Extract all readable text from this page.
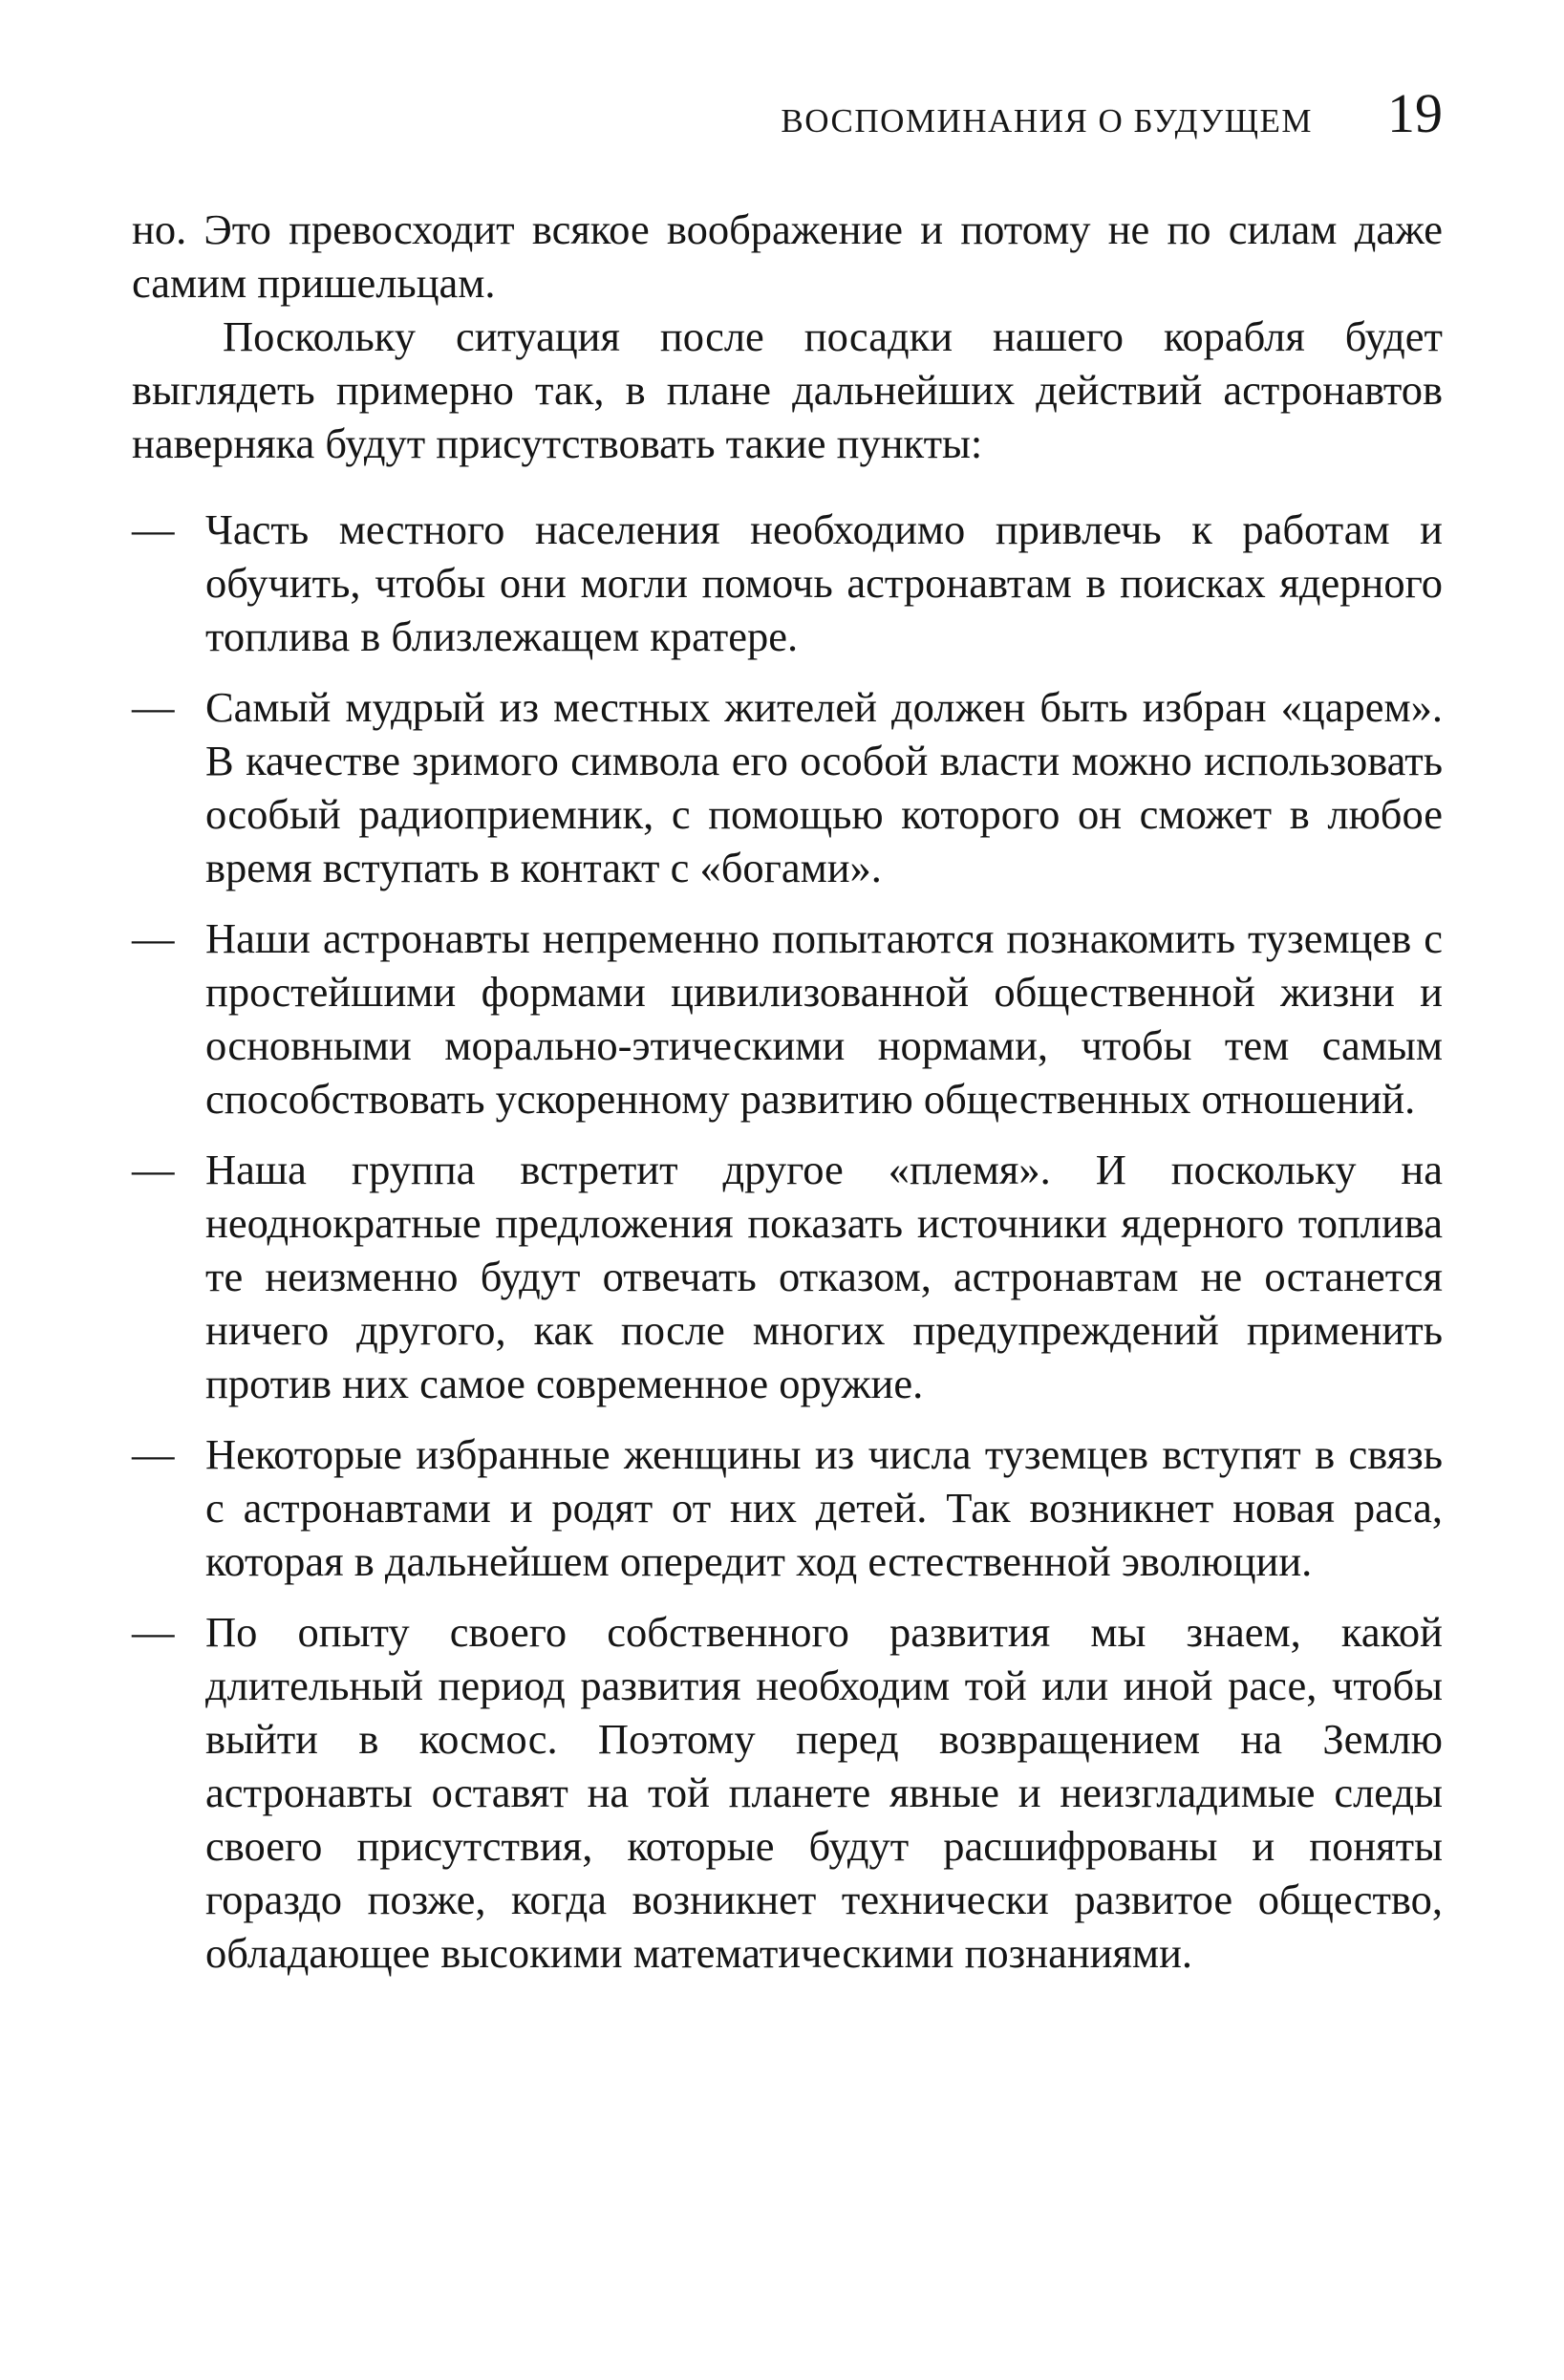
ВОСПОМИНАНИЯ О БУДУЩЕМ 19

но. Это превосходит всякое воображение и потому не по силам даже самим пришельцам.

Поскольку ситуация после посадки нашего корабля будет выглядеть примерно так, в плане дальнейших действий астронавтов наверняка будут присутствовать такие пункты:

— Часть местного населения необходимо привлечь к работам и обучить, чтобы они могли помочь астронавтам в поисках ядерного топлива в близлежащем кратере.
— Самый мудрый из местных жителей должен быть избран «царем». В качестве зримого символа его особой власти можно использовать особый радиоприемник, с помощью которого он сможет в любое время вступать в контакт с «богами».
— Наши астронавты непременно попытаются познакомить туземцев с простейшими формами цивилизованной общественной жизни и основными морально-этическими нормами, чтобы тем самым способствовать ускоренному развитию общественных отношений.
— Наша группа встретит другое «племя». И поскольку на неоднократные предложения показать источники ядерного топлива те неизменно будут отвечать отказом, астронавтам не останется ничего другого, как после многих предупреждений применить против них самое современное оружие.
— Некоторые избранные женщины из числа туземцев вступят в связь с астронавтами и родят от них детей. Так возникнет новая раса, которая в дальнейшем опередит ход естественной эволюции.
— По опыту своего собственного развития мы знаем, какой длительный период развития необходим той или иной расе, чтобы выйти в космос. Поэтому перед возвращением на Землю астронавты оставят на той планете явные и неизгладимые следы своего присутствия, которые будут расшифрованы и поняты гораздо позже, когда возникнет технически развитое общество, обладающее высокими математическими познаниями.
